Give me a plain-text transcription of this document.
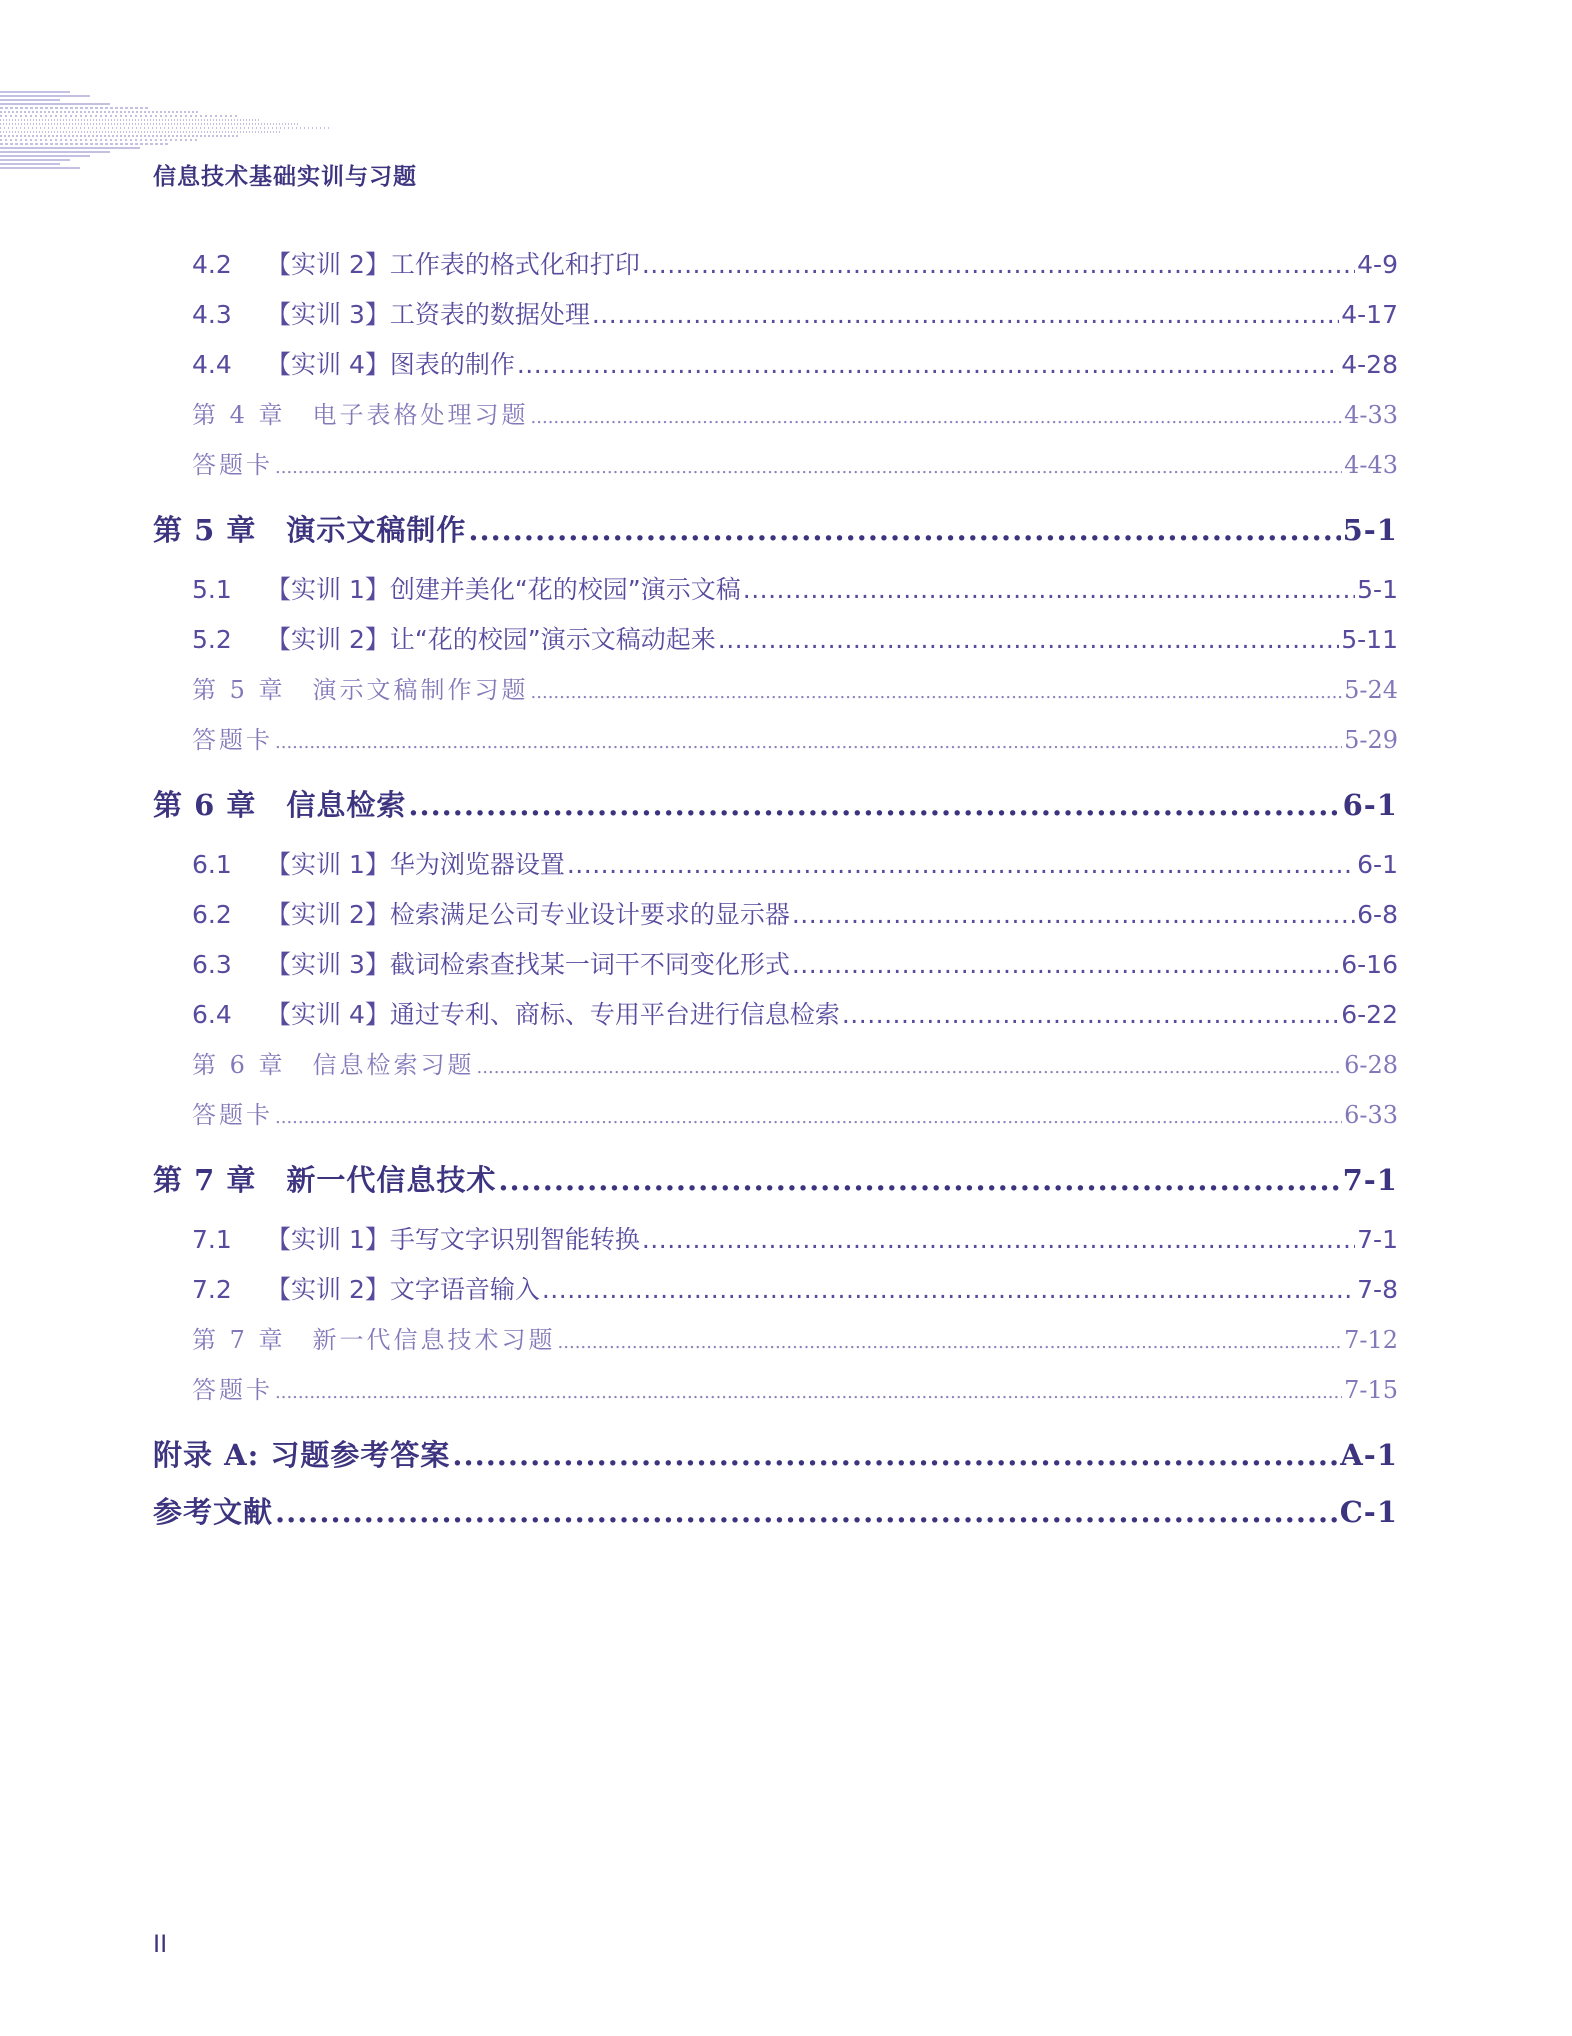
信息技术基础实训与习题
4.2 【实训 2】工作表的格式化和打印 .....	4-9
4.3 【实训 3】工资表的数据处理 .....	4-17
4.4 【实训 4】图表的制作 .....	4-28
第 4 章　电子表格处理习题 .....	4-33
答题卡 .....	4-43
第 5 章　演示文稿制作 .....	5-1
5.1 【实训 1】创建并美化“花的校园”演示文稿 .....	5-1
5.2 【实训 2】让“花的校园”演示文稿动起来 .....	5-11
第 5 章　演示文稿制作习题 .....	5-24
答题卡 .....	5-29
第 6 章　信息检索 .....	6-1
6.1 【实训 1】华为浏览器设置 .....	6-1
6.2 【实训 2】检索满足公司专业设计要求的显示器 .....	6-8
6.3 【实训 3】截词检索查找某一词干不同变化形式 .....	6-16
6.4 【实训 4】通过专利、商标、专用平台进行信息检索 .....	6-22
第 6 章　信息检索习题 .....	6-28
答题卡 .....	6-33
第 7 章　新一代信息技术 .....	7-1
7.1 【实训 1】手写文字识别智能转换 .....	7-1
7.2 【实训 2】文字语音输入 .....	7-8
第 7 章　新一代信息技术习题 .....	7-12
答题卡 .....	7-15
附录 A: 习题参考答案 .....	A-1
参考文献 .....	C-1
II
